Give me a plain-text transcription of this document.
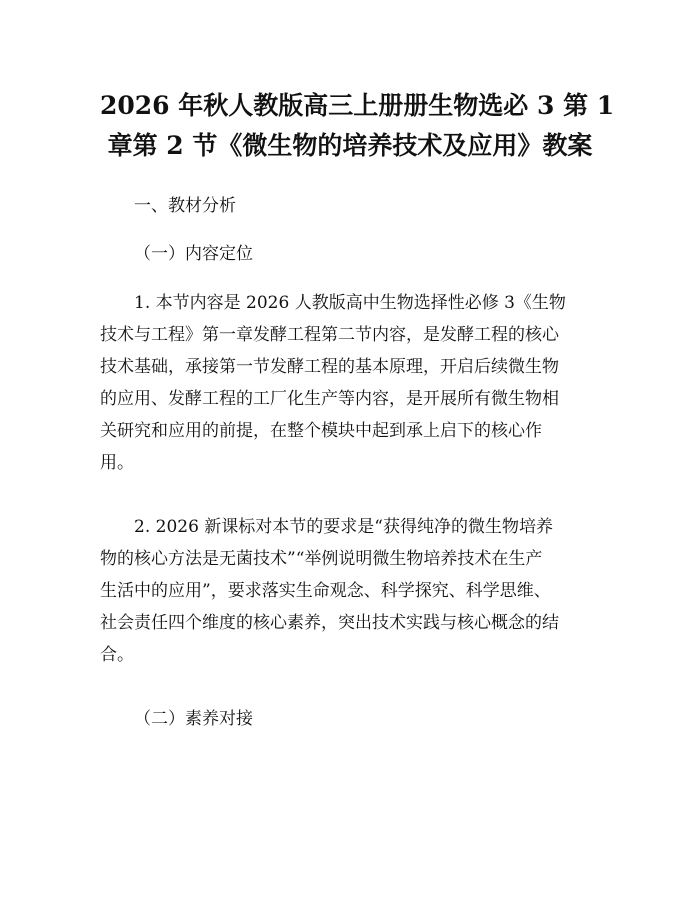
2026 年秋人教版高三上册册生物选必 3 第 1
章第 2 节《微生物的培养技术及应用》教案

一、教材分析

（一）内容定位

1. 本节内容是 2026 人教版高中生物选择性必修 3《生物
技术与工程》第一章发酵工程第二节内容，是发酵工程的核心
技术基础，承接第一节发酵工程的基本原理，开启后续微生物
的应用、发酵工程的工厂化生产等内容，是开展所有微生物相
关研究和应用的前提，在整个模块中起到承上启下的核心作
用。
2. 2026 新课标对本节的要求是“获得纯净的微生物培养
物的核心方法是无菌技术”“举例说明微生物培养技术在生产
生活中的应用”，要求落实生命观念、科学探究、科学思维、
社会责任四个维度的核心素养，突出技术实践与核心概念的结
合。

（二）素养对接
